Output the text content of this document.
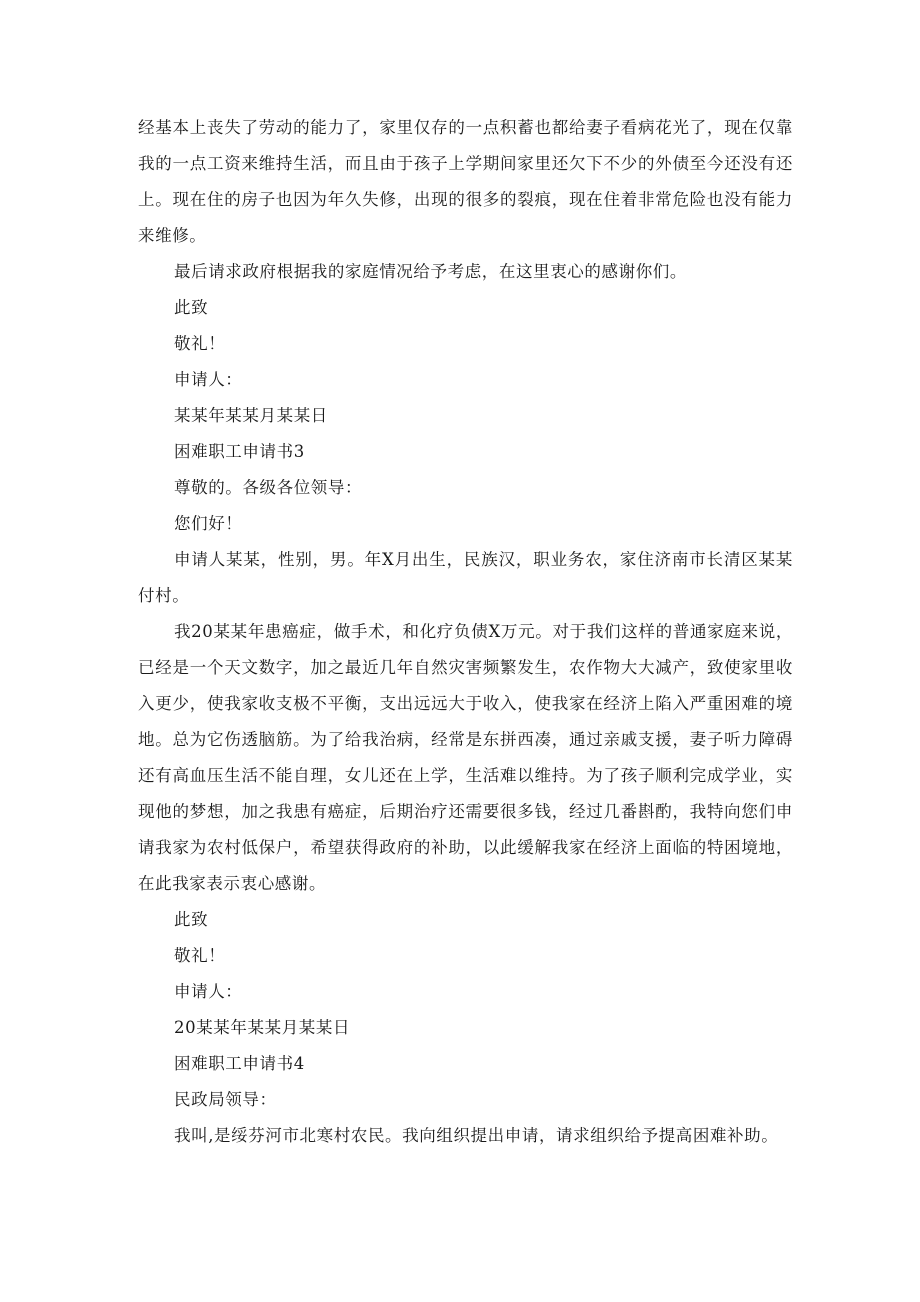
经基本上丧失了劳动的能力了，家里仅存的一点积蓄也都给妻子看病花光了，现在仅靠我的一点工资来维持生活，而且由于孩子上学期间家里还欠下不少的外债至今还没有还上。现在住的房子也因为年久失修，出现的很多的裂痕，现在住着非常危险也没有能力来维修。

最后请求政府根据我的家庭情况给予考虑，在这里衷心的感谢你们。

此致

敬礼！

申请人：

某某年某某月某某日

困难职工申请书3

尊敬的。各级各位领导：

您们好！

申请人某某，性别，男。年X月出生，民族汉，职业务农，家住济南市长清区某某付村。

我20某某年患癌症，做手术，和化疗负债X万元。对于我们这样的普通家庭来说，已经是一个天文数字，加之最近几年自然灾害频繁发生，农作物大大减产，致使家里收入更少，使我家收支极不平衡，支出远远大于收入，使我家在经济上陷入严重困难的境地。总为它伤透脑筋。为了给我治病，经常是东拼西凑，通过亲戚支援，妻子听力障碍还有高血压生活不能自理，女儿还在上学，生活难以维持。为了孩子顺利完成学业，实现他的梦想，加之我患有癌症，后期治疗还需要很多钱，经过几番斟酌，我特向您们申请我家为农村低保户，希望获得政府的补助，以此缓解我家在经济上面临的特困境地，在此我家表示衷心感谢。

此致

敬礼！

申请人：

20某某年某某月某某日

困难职工申请书4

民政局领导：

我叫,是绥芬河市北寒村农民。我向组织提出申请，请求组织给予提高困难补助。
